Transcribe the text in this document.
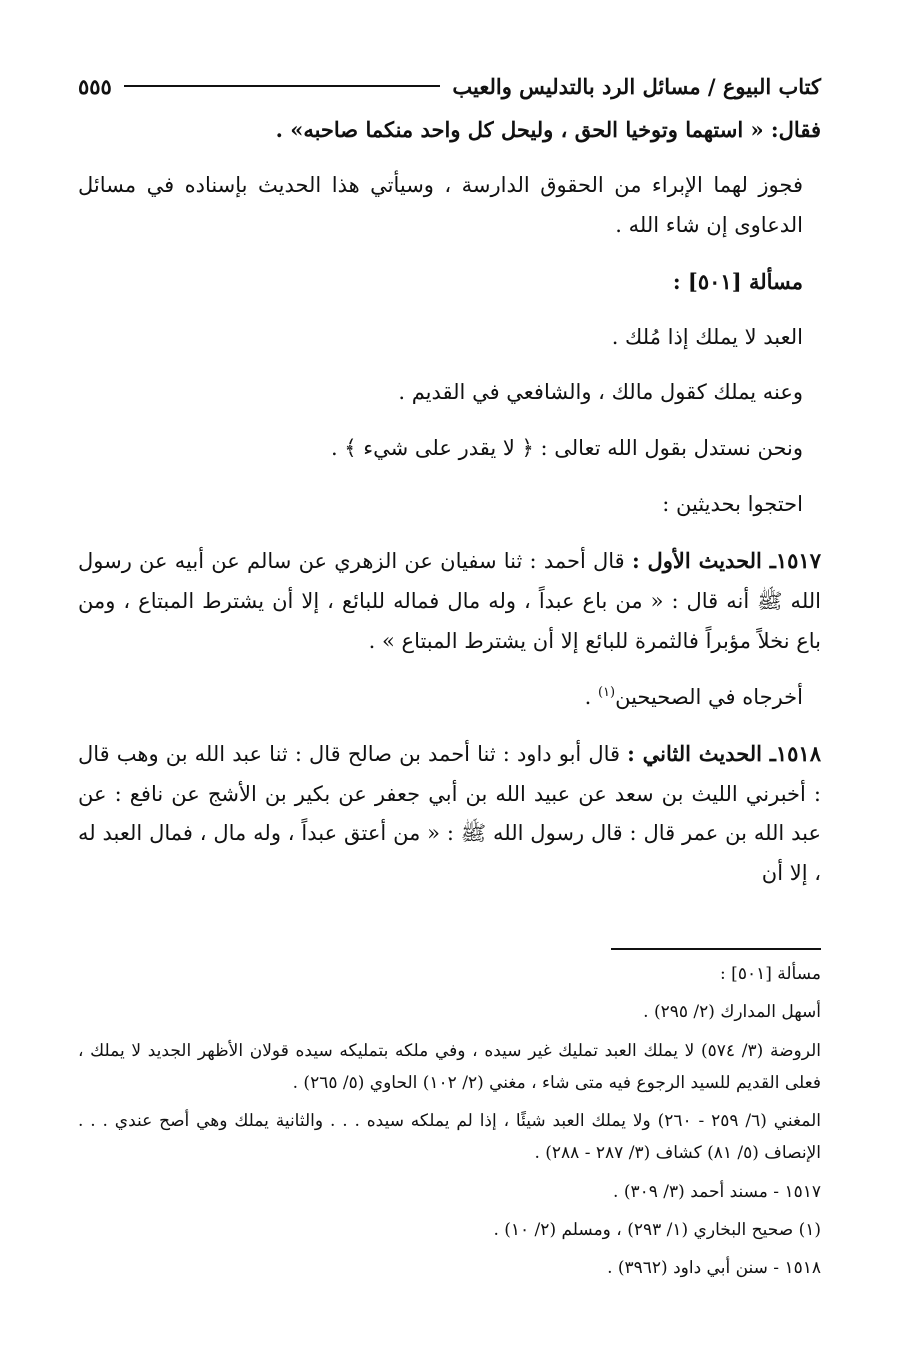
كتاب البيوع / مسائل الرد بالتدليس والعيب
٥٥٥

فقال: « استهما وتوخيا الحق ، وليحل كل واحد منكما صاحبه» .

فجوز لهما الإبراء من الحقوق الدارسة ، وسيأتي هذا الحديث بإسناده في مسائل الدعاوى إن شاء الله .

مسألة [٥٠١] :

العبد لا يملك إذا مُلك .

وعنه يملك كقول مالك ، والشافعي في القديم .

ونحن نستدل بقول الله تعالى : ﴿ لا يقدر على شيء ﴾ .

احتجوا بحديثين :

١٥١٧ـ الحديث الأول : قال أحمد : ثنا سفيان عن الزهري عن سالم عن أبيه عن رسول الله ﷺ أنه قال : « من باع عبداً ، وله مال فماله للبائع ، إلا أن يشترط المبتاع ، ومن باع نخلاً مؤبراً فالثمرة للبائع إلا أن يشترط المبتاع » .

أخرجاه في الصحيحين$^{(١)}$ .

١٥١٨ـ الحديث الثاني : قال أبو داود : ثنا أحمد بن صالح قال : ثنا عبد الله بن وهب قال : أخبرني الليث بن سعد عن عبيد الله بن أبي جعفر عن بكير بن الأشج عن نافع : عن عبد الله بن عمر قال : قال رسول الله ﷺ : « من أعتق عبداً ، وله مال ، فمال العبد له ، إلا أن

مسألة [٥٠١] :

أسهل المدارك (٢/ ٢٩٥) .

الروضة (٣/ ٥٧٤) لا يملك العبد تمليك غير سيده ، وفي ملكه بتمليكه سيده قولان الأظهر الجديد لا يملك ، فعلى القديم للسيد الرجوع فيه متى شاء ، مغني (٢/ ١٠٢) الحاوي (٥/ ٢٦٥) .

المغني (٦/ ٢٥٩ - ٢٦٠) ولا يملك العبد شيئًا ، إذا لم يملكه سيده . . . والثانية يملك وهي أصح عندي . . . الإنصاف (٥/ ٨١) كشاف (٣/ ٢٨٧ - ٢٨٨) .

١٥١٧ - مسند أحمد (٣/ ٣٠٩) .

(١) صحيح البخاري (١/ ٢٩٣) ، ومسلم (٢/ ١٠) .

١٥١٨ - سنن أبي داود (٣٩٦٢) .
